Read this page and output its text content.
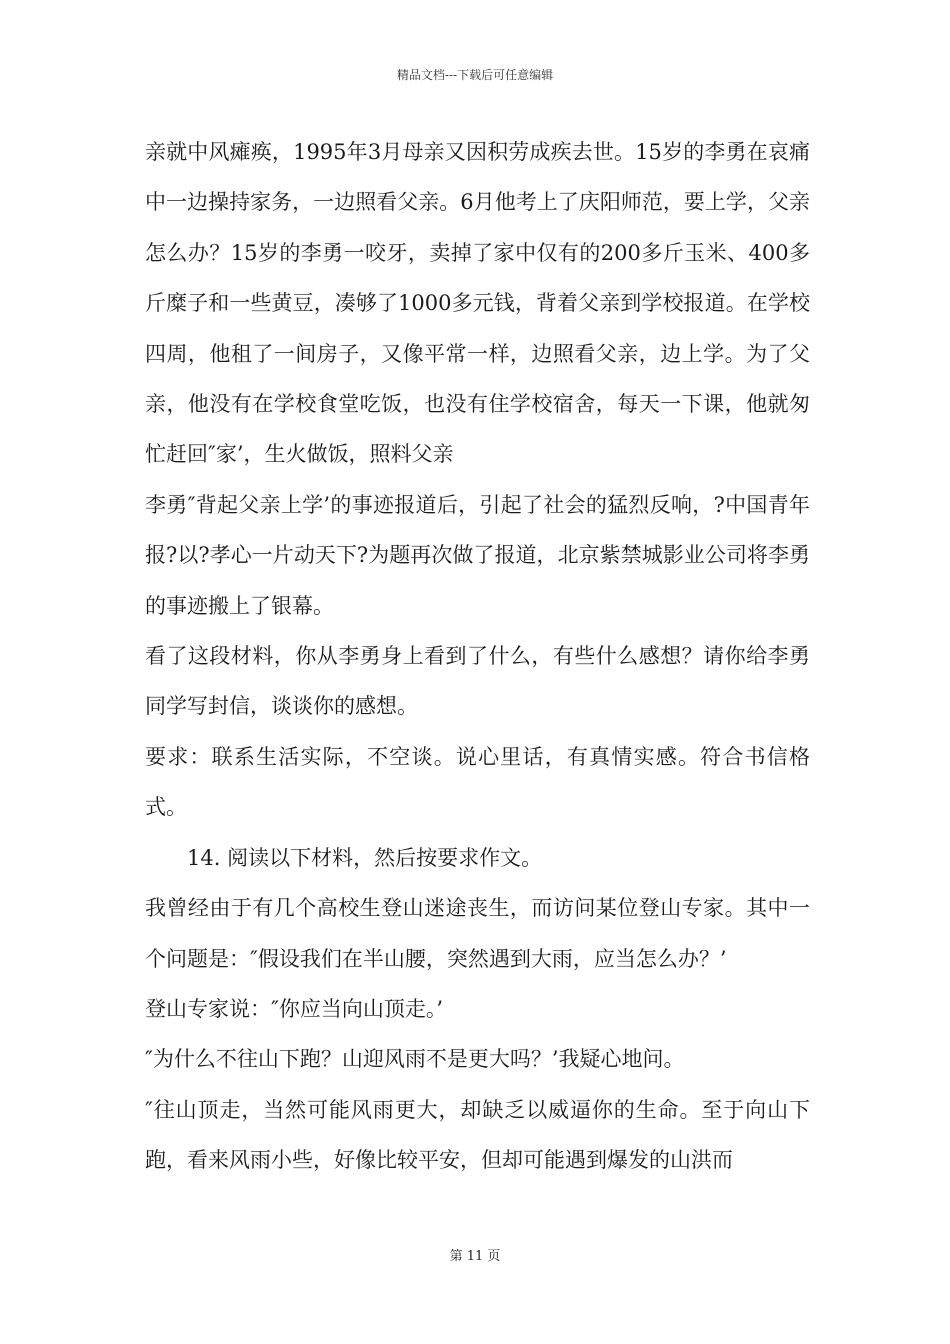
精品文档---下载后可任意编辑

亲就中风瘫痪，1995年3月母亲又因积劳成疾去世。15岁的李勇在哀痛中一边操持家务，一边照看父亲。6月他考上了庆阳师范，要上学，父亲怎么办？15岁的李勇一咬牙，卖掉了家中仅有的200多斤玉米、400多斤糜子和一些黄豆，凑够了1000多元钱，背着父亲到学校报道。在学校四周，他租了一间房子，又像平常一样，边照看父亲，边上学。为了父亲，他没有在学校食堂吃饭，也没有住学校宿舍，每天一下课，他就匆忙赶回″家’，生火做饭，照料父亲

李勇″背起父亲上学’的事迹报道后，引起了社会的猛烈反响，?中国青年报?以?孝心一片动天下?为题再次做了报道，北京紫禁城影业公司将李勇的事迹搬上了银幕。

看了这段材料，你从李勇身上看到了什么，有些什么感想？请你给李勇同学写封信，谈谈你的感想。

要求：联系生活实际，不空谈。说心里话，有真情实感。符合书信格式。

14. 阅读以下材料，然后按要求作文。

我曾经由于有几个高校生登山迷途丧生，而访问某位登山专家。其中一个问题是：″假设我们在半山腰，突然遇到大雨，应当怎么办？’

登山专家说：″你应当向山顶走。’

″为什么不往山下跑？山迎风雨不是更大吗？’我疑心地问。

″往山顶走，当然可能风雨更大，却缺乏以威逼你的生命。至于向山下跑，看来风雨小些，好像比较平安，但却可能遇到爆发的山洪而

第 11 页
